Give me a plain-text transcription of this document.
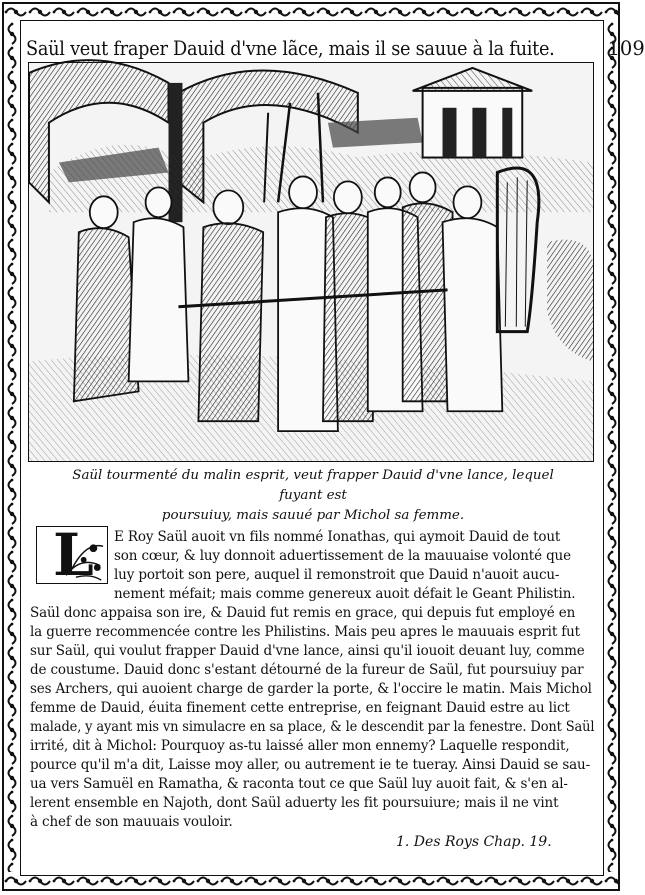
Saül veut fraper Dauid d'vne lãce, mais il se sauue à la fuite.	109

Saül tourmenté du malin esprit, veut frapper Dauid d'vne lance, lequel fuyant est
poursuiuy, mais sauué par Michol sa femme.

L E Roy Saül auoit vn fils nommé Ionathas, qui aymoit Dauid de tout
son cœur, & luy donnoit aduertissement de la mauuaise volonté que
luy portoit son pere, auquel il remonstroit que Dauid n'auoit aucu-
nement méfait; mais comme genereux auoit défait le Geant Philistin.
Saül donc appaisa son ire, & Dauid fut remis en grace, qui depuis fut employé en
la guerre recommencée contre les Philistins. Mais peu apres le mauuais esprit fut
sur Saül, qui voulut frapper Dauid d'vne lance, ainsi qu'il iouoit deuant luy, comme
de coustume. Dauid donc s'estant détourné de la fureur de Saül, fut poursuiuy par
ses Archers, qui auoient charge de garder la porte, & l'occire le matin. Mais Michol
femme de Dauid, éuita finement cette entreprise, en feignant Dauid estre au lict
malade, y ayant mis vn simulacre en sa place, & le descendit par la fenestre. Dont Saül
irrité, dit à Michol: Pourquoy as-tu laissé aller mon ennemy? Laquelle respondit,
pource qu'il m'a dit, Laisse moy aller, ou autrement ie te tueray. Ainsi Dauid se sau-
ua vers Samuël en Ramatha, & raconta tout ce que Saül luy auoit fait, & s'en al-
lerent ensemble en Najoth, dont Saül aduerty les fit poursuiure; mais il ne vint
à chef de son mauuais vouloir.
1. Des Roys Chap. 19.
